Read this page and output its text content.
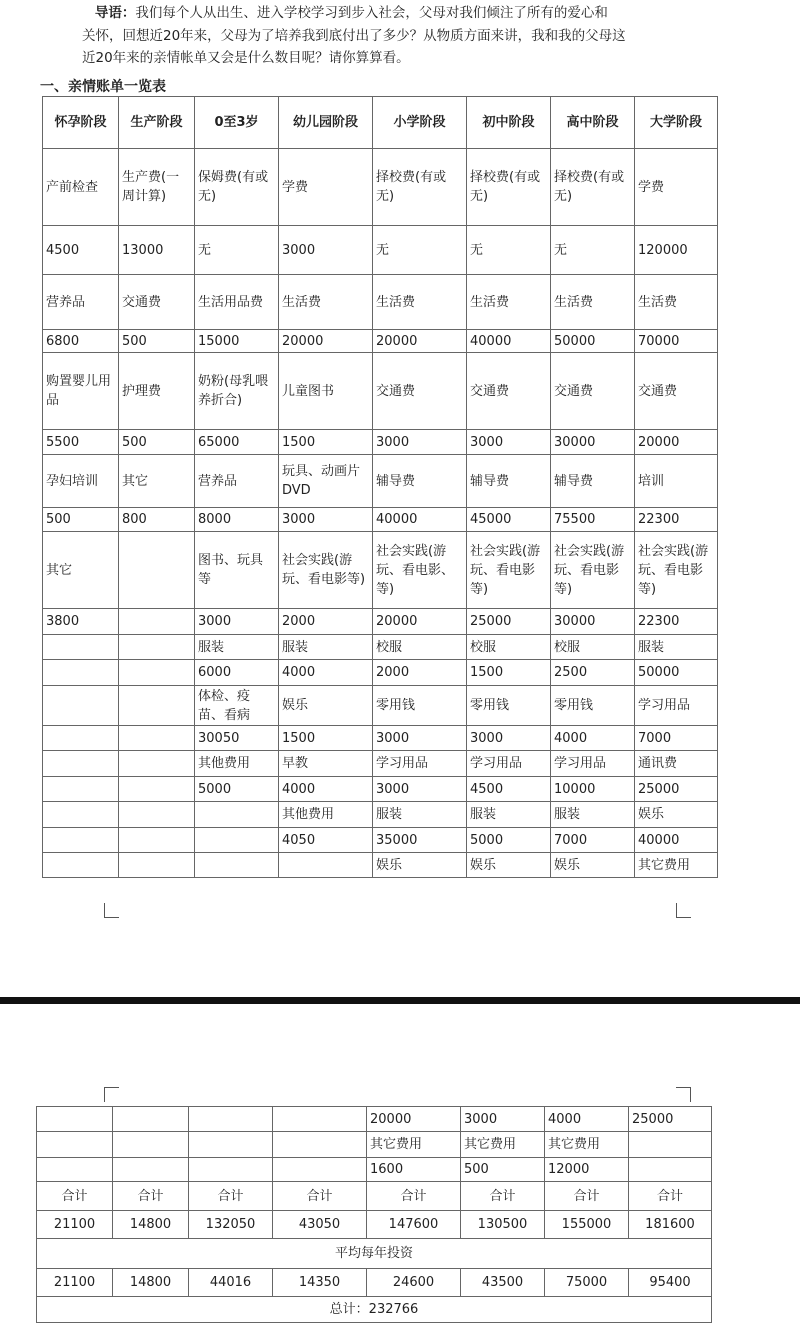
导语：我们每个人从出生、进入学校学习到步入社会，父母对我们倾注了所有的爱心和

关怀，回想近20年来，父母为了培养我到底付出了多少？从物质方面来讲，我和我的父母这

近20年来的亲情帐单又会是什么数目呢？请你算算看。

一、亲情账单一览表
怀孕阶段	生产阶段	0至3岁	幼儿园阶段	小学阶段	初中阶段	高中阶段	大学阶段
产前检查	生产费(一周计算)	保姆费(有或无)	学费	择校费(有或无)	择校费(有或无)	择校费(有或无)	学费
4500	13000	无	3000	无	无	无	120000
营养品	交通费	生活用品费	生活费	生活费	生活费	生活费	生活费
6800	500	15000	20000	20000	40000	50000	70000
购置婴儿用品	护理费	奶粉(母乳喂养折合)	儿童图书	交通费	交通费	交通费	交通费
5500	500	65000	1500	3000	3000	30000	20000
孕妇培训	其它	营养品	玩具、动画片DVD	辅导费	辅导费	辅导费	培训
500	800	8000	3000	40000	45000	75500	22300
其它		图书、玩具等	社会实践(游玩、看电影等)	社会实践(游玩、看电影、等)	社会实践(游玩、看电影等)	社会实践(游玩、看电影等)	社会实践(游玩、看电影等)
3800		3000	2000	20000	25000	30000	22300
		服装	服装	校服	校服	校服	服装
		6000	4000	2000	1500	2500	50000
		体检、疫苗、看病	娱乐	零用钱	零用钱	零用钱	学习用品
		30050	1500	3000	3000	4000	7000
		其他费用	早教	学习用品	学习用品	学习用品	通讯费
		5000	4000	3000	4500	10000	25000
			其他费用	服装	服装	服装	娱乐
			4050	35000	5000	7000	40000
				娱乐	娱乐	娱乐	其它费用
				20000	3000	4000	25000
				其它费用	其它费用	其它费用	
				1600	500	12000	
合计	合计	合计	合计	合计	合计	合计	合计
21100	14800	132050	43050	147600	130500	155000	181600
平均每年投资							
21100	14800	44016	14350	24600	43500	75000	95400
总计：232766							
